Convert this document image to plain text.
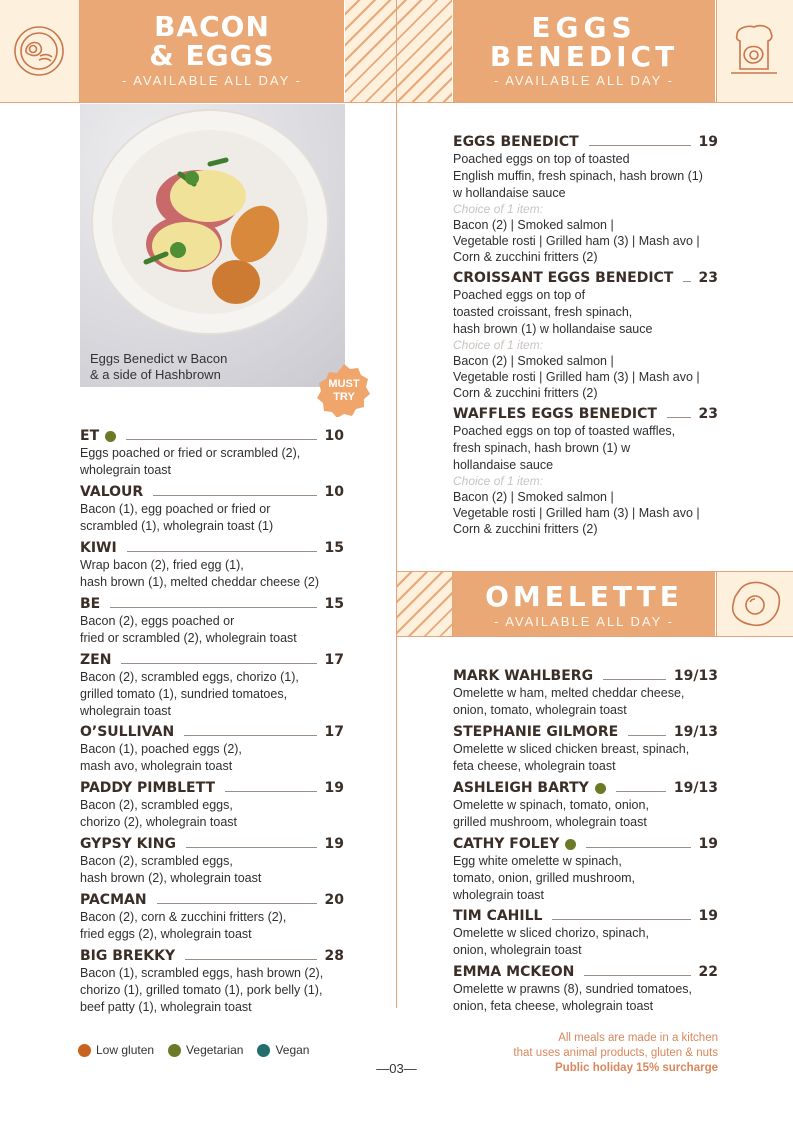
BACON
& EGGS
- AVAILABLE ALL DAY -
EGGS
BENEDICT
- AVAILABLE ALL DAY -
Eggs Benedict w Bacon
& a side of Hashbrown
MUST
TRY
ET	10
Eggs poached or fried or scrambled (2),
wholegrain toast
VALOUR	10
Bacon (1), egg poached or fried or
scrambled (1), wholegrain toast (1)
KIWI	15
Wrap bacon (2), fried egg (1),
hash brown (1), melted cheddar cheese (2)
BE	15
Bacon (2), eggs poached or
fried or scrambled (2), wholegrain toast
ZEN	17
Bacon (2), scrambled eggs, chorizo (1),
grilled tomato (1), sundried tomatoes,
wholegrain toast
O’SULLIVAN	17
Bacon (1), poached eggs (2),
mash avo, wholegrain toast
PADDY PIMBLETT	19
Bacon (2), scrambled eggs,
chorizo (2), wholegrain toast
GYPSY KING	19
Bacon (2), scrambled eggs,
hash brown (2), wholegrain toast
PACMAN	20
Bacon (2), corn & zucchini fritters (2),
fried eggs (2), wholegrain toast
BIG BREKKY	28
Bacon (1), scrambled eggs, hash brown (2),
chorizo (1), grilled tomato (1), pork belly (1),
beef patty (1), wholegrain toast
EGGS BENEDICT	19
Poached eggs on top of toasted
English muffin, fresh spinach, hash brown (1)
w hollandaise sauce
Choice of 1 item:
Bacon (2) | Smoked salmon |
Vegetable rosti | Grilled ham (3) | Mash avo |
Corn & zucchini fritters (2)
CROISSANT EGGS BENEDICT 23
Poached eggs on top of
toasted croissant, fresh spinach,
hash brown (1) w hollandaise sauce
Choice of 1 item:
Bacon (2) | Smoked salmon |
Vegetable rosti | Grilled ham (3) | Mash avo |
Corn & zucchini fritters (2)
WAFFLES EGGS BENEDICT	23
Poached eggs on top of toasted waffles,
fresh spinach, hash brown (1) w
hollandaise sauce
Choice of 1 item:
Bacon (2) | Smoked salmon |
Vegetable rosti | Grilled ham (3) | Mash avo |
Corn & zucchini fritters (2)
OMELETTE
- AVAILABLE ALL DAY -
MARK WAHLBERG	19/13
Omelette w ham, melted cheddar cheese,
onion, tomato, wholegrain toast
STEPHANIE GILMORE	19/13
Omelette w sliced chicken breast, spinach,
feta cheese, wholegrain toast
ASHLEIGH BARTY	19/13
Omelette w spinach, tomato, onion,
grilled mushroom, wholegrain toast
CATHY FOLEY	19
Egg white omelette w spinach,
tomato, onion, grilled mushroom,
wholegrain toast
TIM CAHILL	19
Omelette w sliced chorizo, spinach,
onion, wholegrain toast
EMMA MCKEON	22
Omelette w prawns (8), sundried tomatoes,
onion, feta cheese, wholegrain toast
Low gluten	Vegetarian	Vegan
—03—
All meals are made in a kitchen
that uses animal products, gluten & nuts
Public holiday 15% surcharge
